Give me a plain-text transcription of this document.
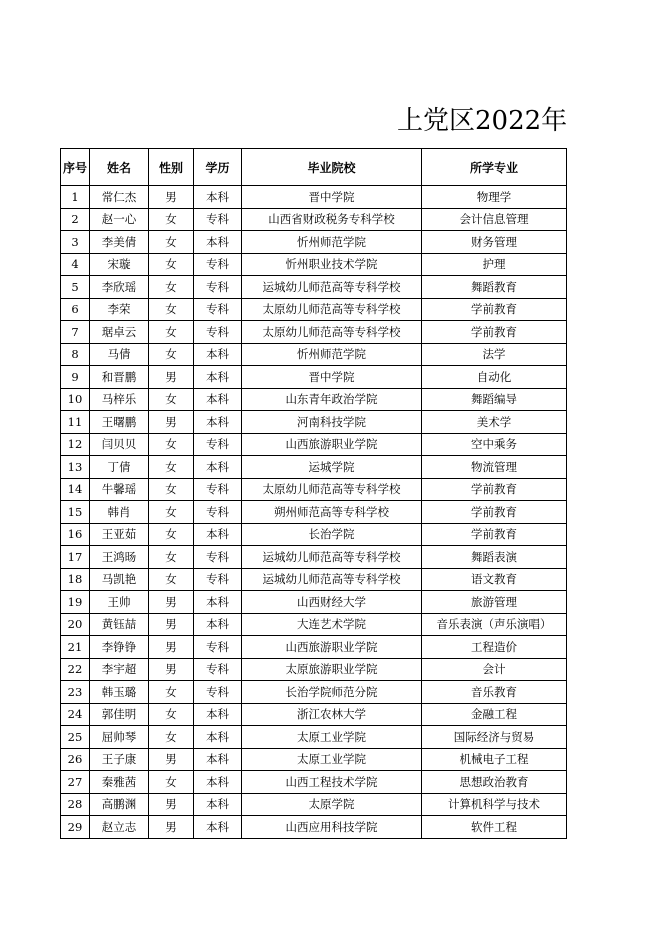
上党区2022年
序号	姓名	性别	学历	毕业院校	所学专业
1	常仁杰	男	本科	晋中学院	物理学
2	赵一心	女	专科	山西省财政税务专科学校	会计信息管理
3	李美倩	女	本科	忻州师范学院	财务管理
4	宋璇	女	专科	忻州职业技术学院	护理
5	李欣瑶	女	专科	运城幼儿师范高等专科学校	舞蹈教育
6	李荣	女	专科	太原幼儿师范高等专科学校	学前教育
7	琚卓云	女	专科	太原幼儿师范高等专科学校	学前教育
8	马倩	女	本科	忻州师范学院	法学
9	和晋鹏	男	本科	晋中学院	自动化
10	马梓乐	女	本科	山东青年政治学院	舞蹈编导
11	王曙鹏	男	本科	河南科技学院	美术学
12	闫贝贝	女	专科	山西旅游职业学院	空中乘务
13	丁倩	女	本科	运城学院	物流管理
14	牛馨瑶	女	专科	太原幼儿师范高等专科学校	学前教育
15	韩肖	女	专科	朔州师范高等专科学校	学前教育
16	王亚茹	女	本科	长治学院	学前教育
17	王鸿旸	女	专科	运城幼儿师范高等专科学校	舞蹈表演
18	马凯艳	女	专科	运城幼儿师范高等专科学校	语文教育
19	王帅	男	本科	山西财经大学	旅游管理
20	黄钰喆	男	本科	大连艺术学院	音乐表演（声乐演唱）
21	李铮铮	男	专科	山西旅游职业学院	工程造价
22	李宇超	男	专科	太原旅游职业学院	会计
23	韩玉璐	女	专科	长治学院师范分院	音乐教育
24	郭佳明	女	本科	浙江农林大学	金融工程
25	屈帅琴	女	本科	太原工业学院	国际经济与贸易
26	王子康	男	本科	太原工业学院	机械电子工程
27	秦雅茜	女	本科	山西工程技术学院	思想政治教育
28	高鹏渊	男	本科	太原学院	计算机科学与技术
29	赵立志	男	本科	山西应用科技学院	软件工程
